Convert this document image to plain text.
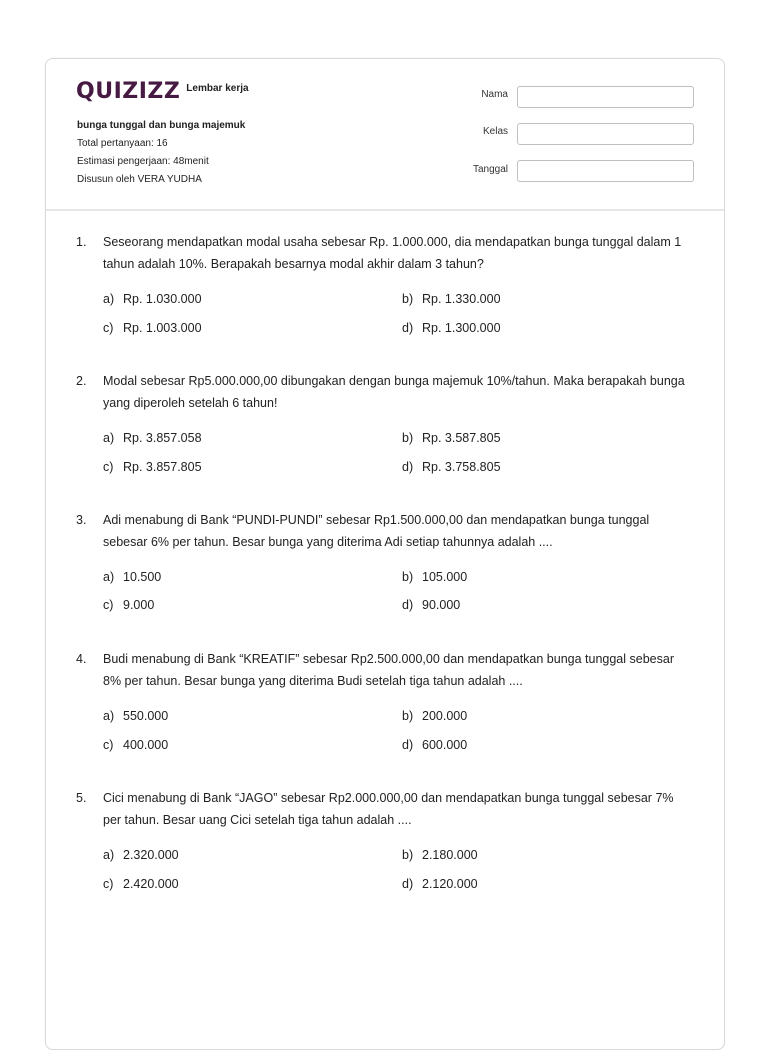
QUIZIZZ Lembar kerja
bunga tunggal dan bunga majemuk
Total pertanyaan: 16
Estimasi pengerjaan: 48menit
Disusun oleh VERA YUDHA
Nama
Kelas
Tanggal
1. Seseorang mendapatkan modal usaha sebesar Rp. 1.000.000, dia mendapatkan bunga tunggal dalam 1 tahun adalah 10%. Berapakah besarnya modal akhir dalam 3 tahun?
a) Rp. 1.030.000	b) Rp. 1.330.000
c) Rp. 1.003.000	d) Rp. 1.300.000
2. Modal sebesar Rp5.000.000,00 dibungakan dengan bunga majemuk 10%/tahun. Maka berapakah bunga yang diperoleh setelah 6 tahun!
a) Rp. 3.857.058	b) Rp. 3.587.805
c) Rp. 3.857.805	d) Rp. 3.758.805
3. Adi menabung di Bank “PUNDI-PUNDI” sebesar Rp1.500.000,00 dan mendapatkan bunga tunggal sebesar 6% per tahun. Besar bunga yang diterima Adi setiap tahunnya adalah ....
a) 10.500	b) 105.000
c) 9.000	d) 90.000
4. Budi menabung di Bank “KREATIF” sebesar Rp2.500.000,00 dan mendapatkan bunga tunggal sebesar 8% per tahun. Besar bunga yang diterima Budi setelah tiga tahun adalah ....
a) 550.000	b) 200.000
c) 400.000	d) 600.000
5. Cici menabung di Bank “JAGO” sebesar Rp2.000.000,00 dan mendapatkan bunga tunggal sebesar 7% per tahun. Besar uang Cici setelah tiga tahun adalah ....
a) 2.320.000	b) 2.180.000
c) 2.420.000	d) 2.120.000
